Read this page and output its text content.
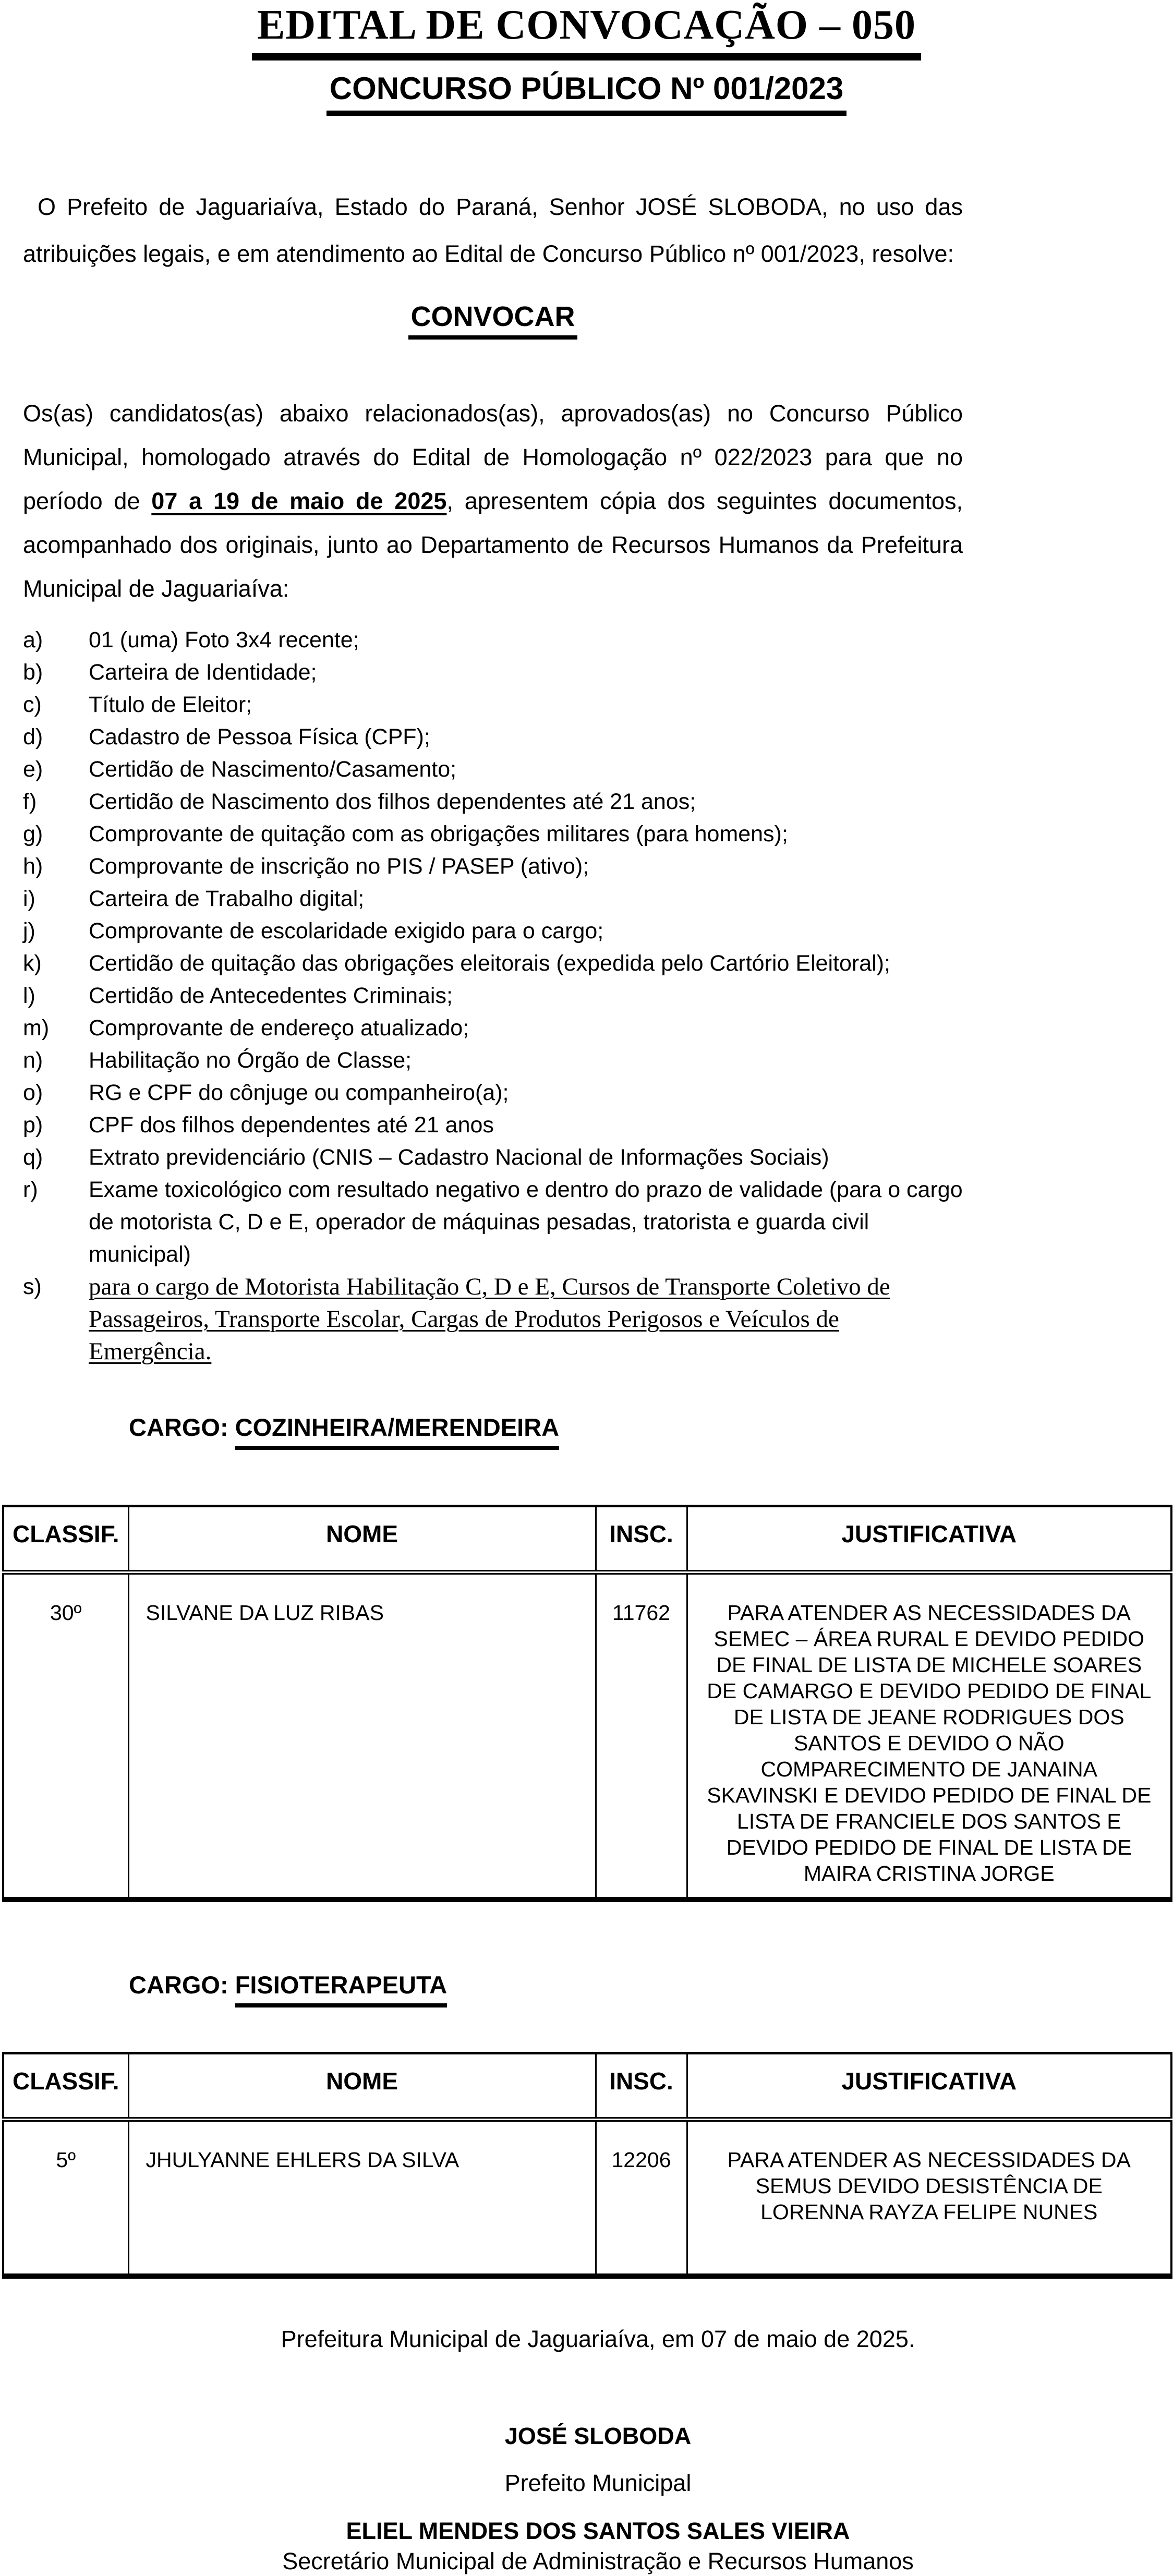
EDITAL DE CONVOCAÇÃO – 050
CONCURSO PÚBLICO Nº 001/2023

O Prefeito de Jaguariaíva, Estado do Paraná, Senhor JOSÉ SLOBODA, no uso das atribuições legais, e em atendimento ao Edital de Concurso Público nº 001/2023, resolve:

CONVOCAR

Os(as) candidatos(as) abaixo relacionados(as), aprovados(as) no Concurso Público Municipal, homologado através do Edital de Homologação nº 022/2023 para que no período de 07 a 19 de maio de 2025, apresentem cópia dos seguintes documentos, acompanhado dos originais, junto ao Departamento de Recursos Humanos da Prefeitura Municipal de Jaguariaíva:

a)	01 (uma) Foto 3x4 recente;
b)	Carteira de Identidade;
c)	Título de Eleitor;
d)	Cadastro de Pessoa Física (CPF);
e)	Certidão de Nascimento/Casamento;
f)	Certidão de Nascimento dos filhos dependentes até 21 anos;
g)	Comprovante de quitação com as obrigações militares (para homens);
h)	Comprovante de inscrição no PIS / PASEP (ativo);
i)	Carteira de Trabalho digital;
j)	Comprovante de escolaridade exigido para o cargo;
k)	Certidão de quitação das obrigações eleitorais (expedida pelo Cartório Eleitoral);
l)	Certidão de Antecedentes Criminais;
m)	Comprovante de endereço atualizado;
n)	Habilitação no Órgão de Classe;
o)	RG e CPF do cônjuge ou companheiro(a);
p)	CPF dos filhos dependentes até 21 anos
q)	Extrato previdenciário (CNIS – Cadastro Nacional de Informações Sociais)
r)	Exame toxicológico com resultado negativo e dentro do prazo de validade (para o cargo de motorista C, D e E, operador de máquinas pesadas, tratorista e guarda civil municipal)
s)	para o cargo de Motorista Habilitação C, D e E, Cursos de Transporte Coletivo de Passageiros, Transporte Escolar, Cargas de Produtos Perigosos e Veículos de Emergência.
CARGO: COZINHEIRA/MERENDEIRA
CLASSIF.	NOME	INSC.	JUSTIFICATIVA
30º	SILVANE DA LUZ RIBAS	11762	PARA ATENDER AS NECESSIDADES DA SEMEC – ÁREA RURAL E DEVIDO PEDIDO DE FINAL DE LISTA DE MICHELE SOARES DE CAMARGO E DEVIDO PEDIDO DE FINAL DE LISTA DE JEANE RODRIGUES DOS SANTOS E DEVIDO O NÃO COMPARECIMENTO DE JANAINA SKAVINSKI E DEVIDO PEDIDO DE FINAL DE LISTA DE FRANCIELE DOS SANTOS E DEVIDO PEDIDO DE FINAL DE LISTA DE MAIRA CRISTINA JORGE
CARGO: FISIOTERAPEUTA
CLASSIF.	NOME	INSC.	JUSTIFICATIVA
5º	JHULYANNE EHLERS DA SILVA	12206	PARA ATENDER AS NECESSIDADES DA SEMUS DEVIDO DESISTÊNCIA DE LORENNA RAYZA FELIPE NUNES
Prefeitura Municipal de Jaguariaíva, em 07 de maio de 2025.
JOSÉ SLOBODA
Prefeito Municipal
ELIEL MENDES DOS SANTOS SALES VIEIRA
Secretário Municipal de Administração e Recursos Humanos
